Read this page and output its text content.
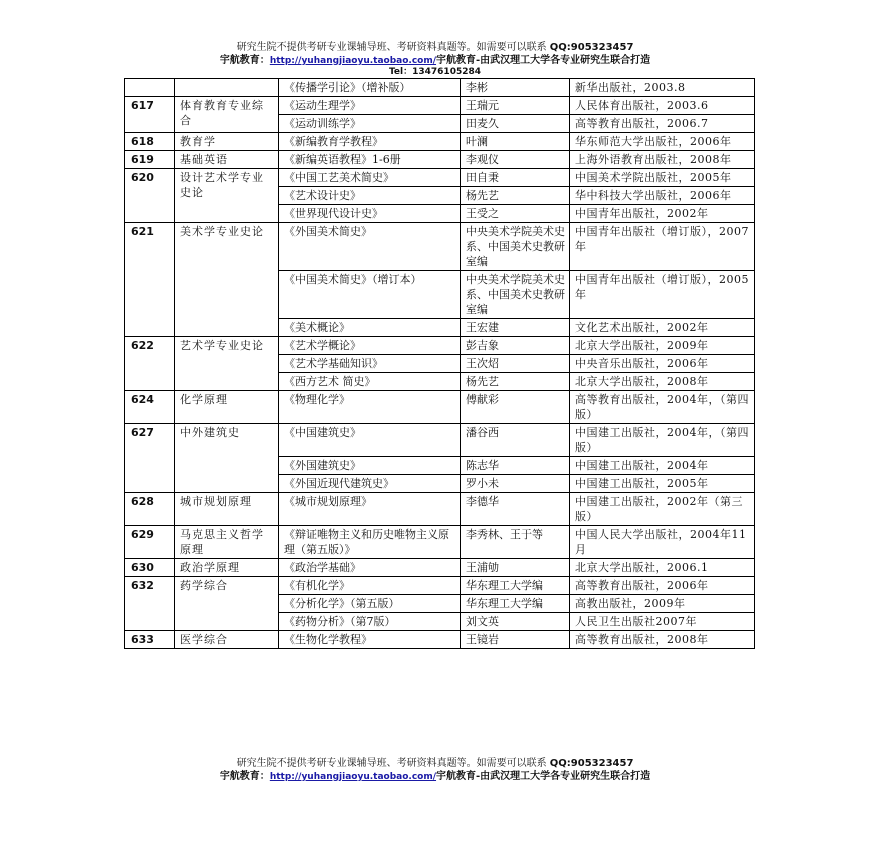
研究生院不提供考研专业课辅导班、考研资料真题等。如需要可以联系 QQ:905323457
宇航教育：http://yuhangjiaoyu.taobao.com/宇航教育-由武汉理工大学各专业研究生联合打造
Tel：13476105284
		《传播学引论》（增补版）	李彬	新华出版社，2003.8
617	体育教育专业综合	《运动生理学》	王瑞元	人民体育出版社，2003.6
		《运动训练学》	田麦久	高等教育出版社，2006.7
618	教育学	《新编教育学教程》	叶澜	华东师范大学出版社，2006年
619	基础英语	《新编英语教程》1-6册	李观仪	上海外语教育出版社，2008年
620	设计艺术学专业史论	《中国工艺美术简史》	田自秉	中国美术学院出版社，2005年
		《艺术设计史》	杨先艺	华中科技大学出版社，2006年
		《世界现代设计史》	王受之	中国青年出版社，2002年
621	美术学专业史论	《外国美术简史》	中央美术学院美术史系、中国美术史教研室编	中国青年出版社（增订版），2007年
		《中国美术简史》（增订本）	中央美术学院美术史系、中国美术史教研室编	中国青年出版社（增订版），2005年
		《美术概论》	王宏建	文化艺术出版社，2002年
622	艺术学专业史论	《艺术学概论》	彭吉象	北京大学出版社，2009年
		《艺术学基础知识》	王次炤	中央音乐出版社，2006年
		《西方艺术 简史》	杨先艺	北京大学出版社，2008年
624	化学原理	《物理化学》	傅献彩	高等教育出版社，2004年，（第四版）
627	中外建筑史	《中国建筑史》	潘谷西	中国建工出版社，2004年，（第四版）
		《外国建筑史》	陈志华	中国建工出版社，2004年
		《外国近现代建筑史》	罗小未	中国建工出版社，2005年
628	城市规划原理	《城市规划原理》	李德华	中国建工出版社，2002年（第三版）
629	马克思主义哲学原理	《辩证唯物主义和历史唯物主义原理（第五版）》	李秀林、王于等	中国人民大学出版社，2004年11月
630	政治学原理	《政治学基础》	王浦劬	北京大学出版社，2006.1
632	药学综合	《有机化学》	华东理工大学编	高等教育出版社，2006年
		《分析化学》（第五版）	华东理工大学编	高教出版社，2009年
		《药物分析》（第7版）	刘文英	人民卫生出版社2007年
633	医学综合	《生物化学教程》	王镜岩	高等教育出版社，2008年
研究生院不提供考研专业课辅导班、考研资料真题等。如需要可以联系 QQ:905323457
宇航教育：http://yuhangjiaoyu.taobao.com/宇航教育-由武汉理工大学各专业研究生联合打造
